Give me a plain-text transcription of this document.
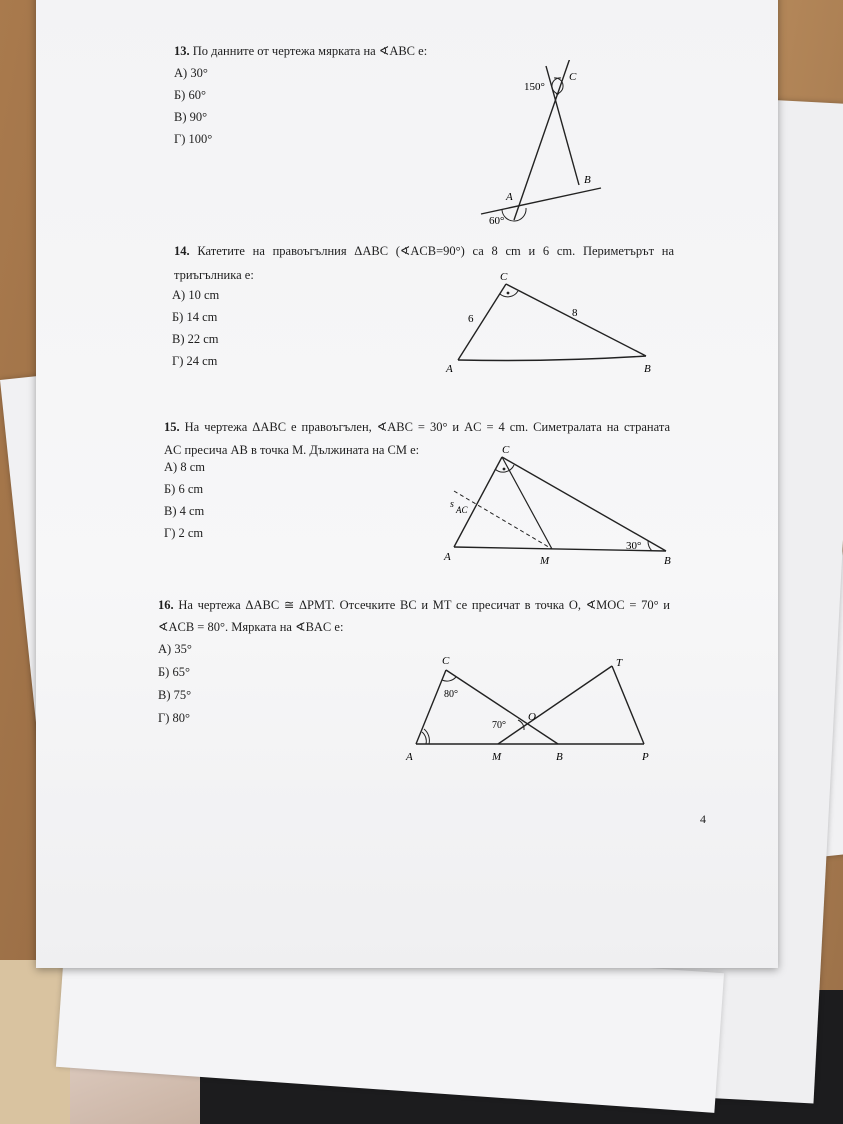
13. По данните от чертежа мярката на ∢ABC е:
А) 30°
Б) 60°
В) 90°
Г) 100°
150°
C
B
A
60°
14. Катетите на правоъгълния ΔABC (∢ACB=90°) са 8 cm и 6 cm. Периметърът на
триъгълника е:
А) 10 cm
Б) 14 cm
В) 22 cm
Г) 24 cm
C
6	8
A	B
15. На чертежа ΔABC е правоъгълен, ∢ABC = 30° и AC = 4 cm. Симетралата на страната
AC пресича AB в точка M. Дължината на CM е:
А) 8 cm
Б) 6 cm
В) 4 cm
Г) 2 cm
C
s AC
30°
A	M	B
16. На чертежа ΔABC ≅ ΔPMT. Отсечките BC и MT се пресичат в точка O, ∢MOC = 70° и
∢ACB = 80°. Мярката на ∢BAC е:
А) 35°
Б) 65°
В) 75°
Г) 80°
C	T
80°
O
70°
A	M	B	P
4
